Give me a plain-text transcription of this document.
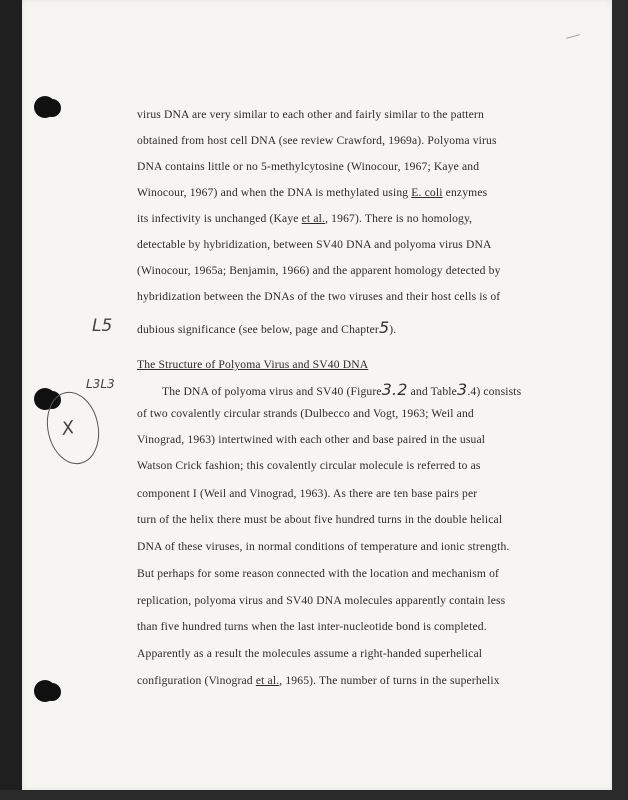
L5
L3L3
X
virus DNA are very similar to each other and fairly similar to the pattern
obtained from host cell DNA (see review Crawford, 1969a). Polyoma virus
DNA contains little or no 5-methylcytosine (Winocour, 1967; Kaye and
Winocour, 1967) and when the DNA is methylated using E. coli enzymes
its infectivity is unchanged (Kaye et al., 1967). There is no homology,
detectable by hybridization, between SV40 DNA and polyoma virus DNA
(Winocour, 1965a; Benjamin, 1966) and the apparent homology detected by
hybridization between the DNAs of the two viruses and their host cells is of
dubious significance (see below, page and Chapter5).
The Structure of Polyoma Virus and SV40 DNA
The DNA of polyoma virus and SV40 (Figure3.2 and Table3.4) consists
of two covalently circular strands (Dulbecco and Vogt, 1963; Weil and
Vinograd, 1963) intertwined with each other and base paired in the usual
Watson Crick fashion; this covalently circular molecule is referred to as
component I (Weil and Vinograd, 1963). As there are ten base pairs per
turn of the helix there must be about five hundred turns in the double helical
DNA of these viruses, in normal conditions of temperature and ionic strength.
But perhaps for some reason connected with the location and mechanism of
replication, polyoma virus and SV40 DNA molecules apparently contain less
than five hundred turns when the last inter-nucleotide bond is completed.
Apparently as a result the molecules assume a right-handed superhelical
configuration (Vinograd et al., 1965). The number of turns in the superhelix
